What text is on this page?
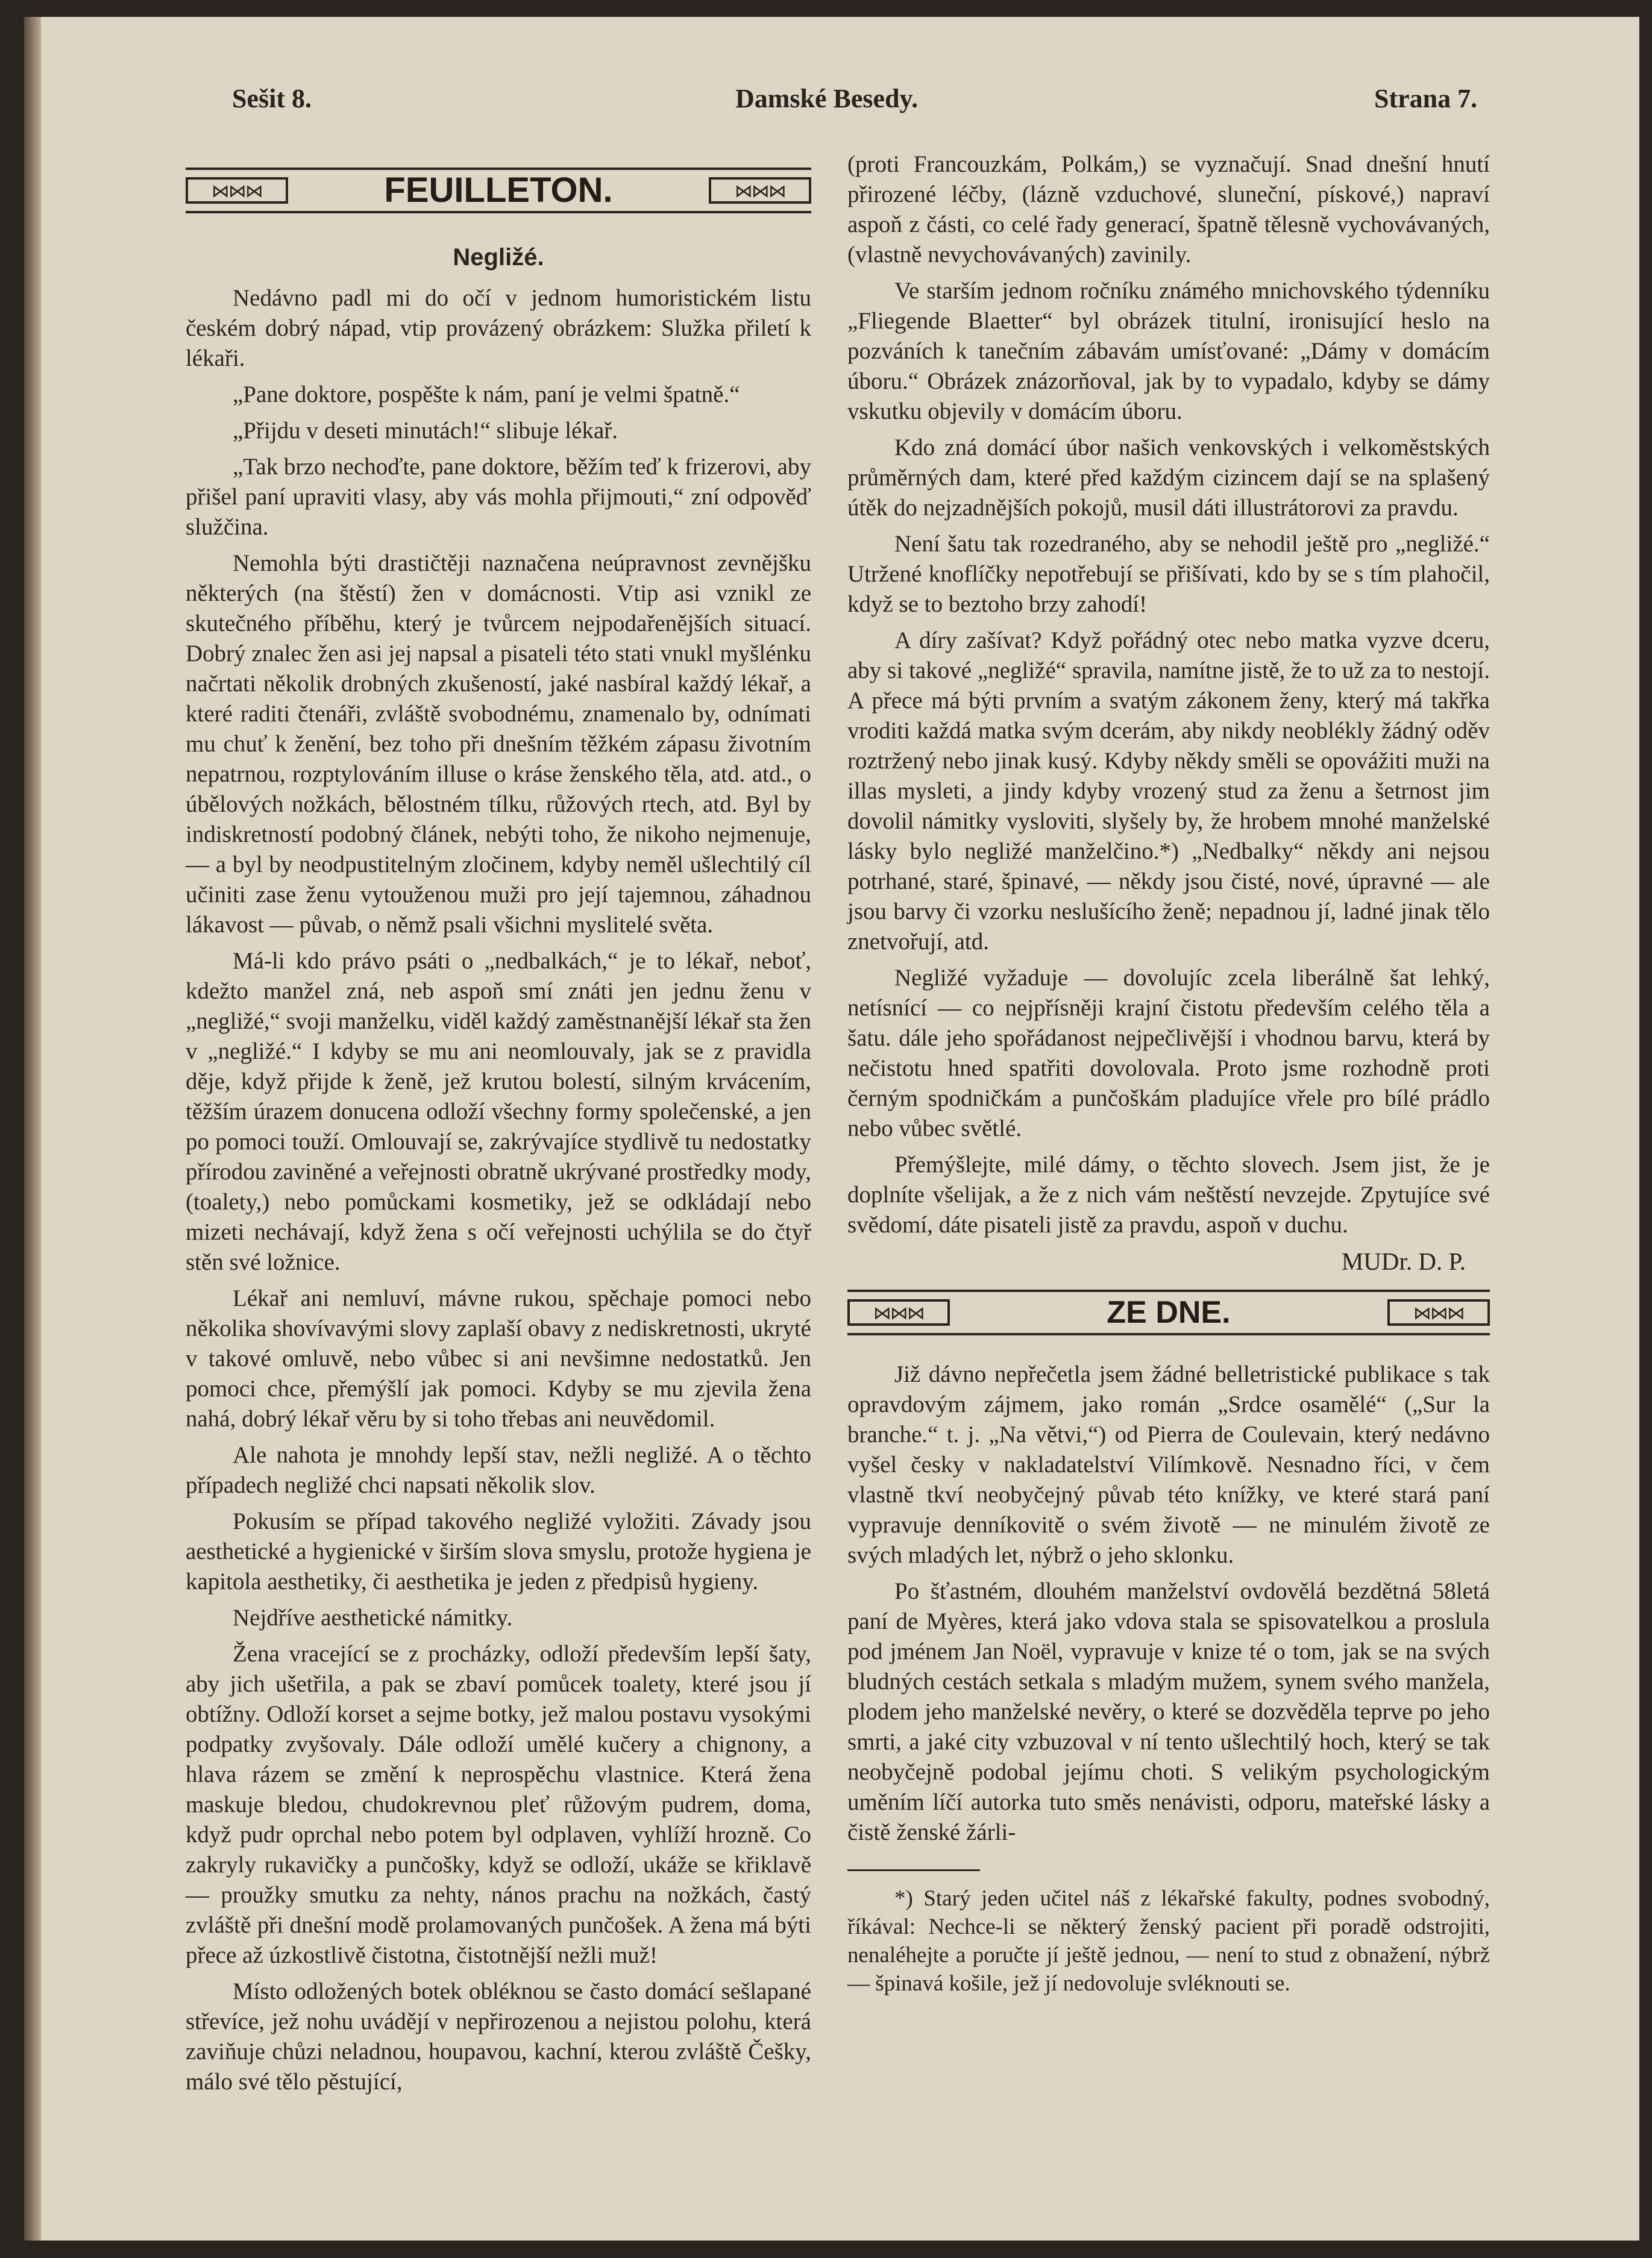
Sešit 8.	Damské Besedy.	Strana 7.
⋈⋈⋈	FEUILLETON.	⋈⋈⋈
Negližé.

Nedávno padl mi do očí v jednom humoristickém listu českém dobrý nápad, vtip provázený obrázkem: Služka přiletí k lékaři.

„Pane doktore, pospěšte k nám, paní je velmi špatně.“

„Přijdu v deseti minutách!“ slibuje lékař.

„Tak brzo nechoďte, pane doktore, běžím teď k frizerovi, aby přišel paní upraviti vlasy, aby vás mohla přijmouti,“ zní odpověď služčina.

Nemohla býti drastičtěji naznačena neúpravnost zevnějšku některých (na štěstí) žen v domácnosti. Vtip asi vznikl ze skutečného příběhu, který je tvůrcem nejpodařenějších situací. Dobrý znalec žen asi jej napsal a pisateli této stati vnukl myšlénku načrtati několik drobných zkušeností, jaké nasbíral každý lékař, a které raditi čtenáři, zvláště svobodnému, znamenalo by, odnímati mu chuť k ženění, bez toho při dnešním těžkém zápasu životním nepatrnou, rozptylováním illuse o kráse ženského těla, atd. atd., o úbělových nožkách, bělostném tílku, růžových rtech, atd. Byl by indiskretností podobný článek, nebýti toho, že nikoho nejmenuje, — a byl by neodpustitelným zločinem, kdyby neměl ušlechtilý cíl učiniti zase ženu vytouženou muži pro její tajemnou, záhadnou lákavost — půvab, o němž psali všichni myslitelé světa.

Má-li kdo právo psáti o „nedbalkách,“ je to lékař, neboť, kdežto manžel zná, neb aspoň smí znáti jen jednu ženu v „negližé,“ svoji manželku, viděl každý zaměstnanější lékař sta žen v „negližé.“ I kdyby se mu ani neomlouvaly, jak se z pravidla děje, když přijde k ženě, jež krutou bolestí, silným krvácením, těžším úrazem donucena odloží všechny formy společenské, a jen po pomoci touží. Omlouvají se, zakrývajíce stydlivě tu nedostatky přírodou zaviněné a veřejnosti obratně ukrývané prostředky mody, (toalety,) nebo pomůckami kosmetiky, jež se odkládají nebo mizeti nechávají, když žena s očí veřejnosti uchýlila se do čtyř stěn své ložnice.

Lékař ani nemluví, mávne rukou, spěchaje pomoci nebo několika shovívavými slovy zaplaší obavy z nediskretnosti, ukryté v takové omluvě, nebo vůbec si ani nevšimne nedostatků. Jen pomoci chce, přemýšlí jak pomoci. Kdyby se mu zjevila žena nahá, dobrý lékař věru by si toho třebas ani neuvědomil.

Ale nahota je mnohdy lepší stav, nežli negližé. A o těchto případech negližé chci napsati několik slov.

Pokusím se případ takového negližé vyložiti. Závady jsou aesthetické a hygienické v širším slova smyslu, protože hygiena je kapitola aesthetiky, či aesthetika je jeden z předpisů hygieny.

Nejdříve aesthetické námitky.

Žena vracející se z procházky, odloží především lepší šaty, aby jich ušetřila, a pak se zbaví pomůcek toalety, které jsou jí obtížny. Odloží korset a sejme botky, jež malou postavu vysokými podpatky zvyšovaly. Dále odloží umělé kučery a chignony, a hlava rázem se změní k neprospěchu vlastnice. Která žena maskuje bledou, chudokrevnou pleť růžovým pudrem, doma, když pudr oprchal nebo potem byl odplaven, vyhlíží hrozně. Co zakryly rukavičky a punčošky, když se odloží, ukáže se křiklavě — proužky smutku za nehty, nános prachu na nožkách, častý zvláště při dnešní modě prolamovaných punčošek. A žena má býti přece až úzkostlivě čistotna, čistotnější nežli muž!

Místo odložených botek obléknou se často domácí sešlapané střevíce, jež nohu uvádějí v nepřirozenou a nejistou polohu, která zaviňuje chůzi neladnou, houpavou, kachní, kterou zvláště Češky, málo své tělo pěstující,

(proti Francouzkám, Polkám,) se vyznačují. Snad dnešní hnutí přirozené léčby, (lázně vzduchové, sluneční, pískové,) napraví aspoň z části, co celé řady generací, špatně tělesně vychovávaných, (vlastně nevychovávaných) zavinily.

Ve starším jednom ročníku známého mnichovského týdenníku „Fliegende Blaetter“ byl obrázek titulní, ironisující heslo na pozváních k tanečním zábavám umísťované: „Dámy v domácím úboru.“ Obrázek znázorňoval, jak by to vypadalo, kdyby se dámy vskutku objevily v domácím úboru.

Kdo zná domácí úbor našich venkovských i velkoměstských průměrných dam, které před každým cizincem dají se na splašený útěk do nejzadnějších pokojů, musil dáti illustrátorovi za pravdu.

Není šatu tak rozedraného, aby se nehodil ještě pro „negližé.“ Utržené knoflíčky nepotřebují se přišívati, kdo by se s tím plahočil, když se to beztoho brzy zahodí!

A díry zašívat? Když pořádný otec nebo matka vyzve dceru, aby si takové „negližé“ spravila, namítne jistě, že to už za to nestojí. A přece má býti prvním a svatým zákonem ženy, který má takřka vroditi každá matka svým dcerám, aby nikdy neoblékly žádný oděv roztržený nebo jinak kusý. Kdyby někdy směli se opovážiti muži na illas mysleti, a jindy kdyby vrozený stud za ženu a šetrnost jim dovolil námitky vysloviti, slyšely by, že hrobem mnohé manželské lásky bylo negližé manželčino.*) „Nedbalky“ někdy ani nejsou potrhané, staré, špinavé, — někdy jsou čisté, nové, úpravné — ale jsou barvy či vzorku neslušícího ženě; nepadnou jí, ladné jinak tělo znetvořují, atd.

Negližé vyžaduje — dovolujíc zcela liberálně šat lehký, netísnící — co nejpřísněji krajní čistotu především celého těla a šatu. dále jeho spořádanost nejpečlivější i vhodnou barvu, která by nečistotu hned spatřiti dovolovala. Proto jsme rozhodně proti černým spodničkám a punčoškám pladujíce vřele pro bílé prádlo nebo vůbec světlé.

Přemýšlejte, milé dámy, o těchto slovech. Jsem jist, že je doplníte všelijak, a že z nich vám neštěstí nevzejde. Zpytujíce své svědomí, dáte pisateli jistě za pravdu, aspoň v duchu.

MUDr. D. P.
⋈⋈⋈	ZE DNE.	⋈⋈⋈

Již dávno nepřečetla jsem žádné belletristické publikace s tak opravdovým zájmem, jako román „Srdce osamělé“ („Sur la branche.“ t. j. „Na větvi,“) od Pierra de Coulevain, který nedávno vyšel česky v nakladatelství Vilímkově. Nesnadno říci, v čem vlastně tkví neobyčejný půvab této knížky, ve které stará paní vypravuje denníkovitě o svém životě — ne minulém životě ze svých mladých let, nýbrž o jeho sklonku.

Po šťastném, dlouhém manželství ovdovělá bezdětná 58letá paní de Myères, která jako vdova stala se spisovatelkou a proslula pod jménem Jan Noël, vypravuje v knize té o tom, jak se na svých bludných cestách setkala s mladým mužem, synem svého manžela, plodem jeho manželské nevěry, o které se dozvěděla teprve po jeho smrti, a jaké city vzbuzoval v ní tento ušlechtilý hoch, který se tak neobyčejně podobal jejímu choti. S velikým psychologickým uměním líčí autorka tuto směs nenávisti, odporu, mateřské lásky a čistě ženské žárli-

*) Starý jeden učitel náš z lékařské fakulty, podnes svobodný, říkával: Nechce-li se některý ženský pacient při poradě odstrojiti, nenaléhejte a poručte jí ještě jednou, — není to stud z obnažení, nýbrž — špinavá košile, jež jí nedovoluje svléknouti se.
